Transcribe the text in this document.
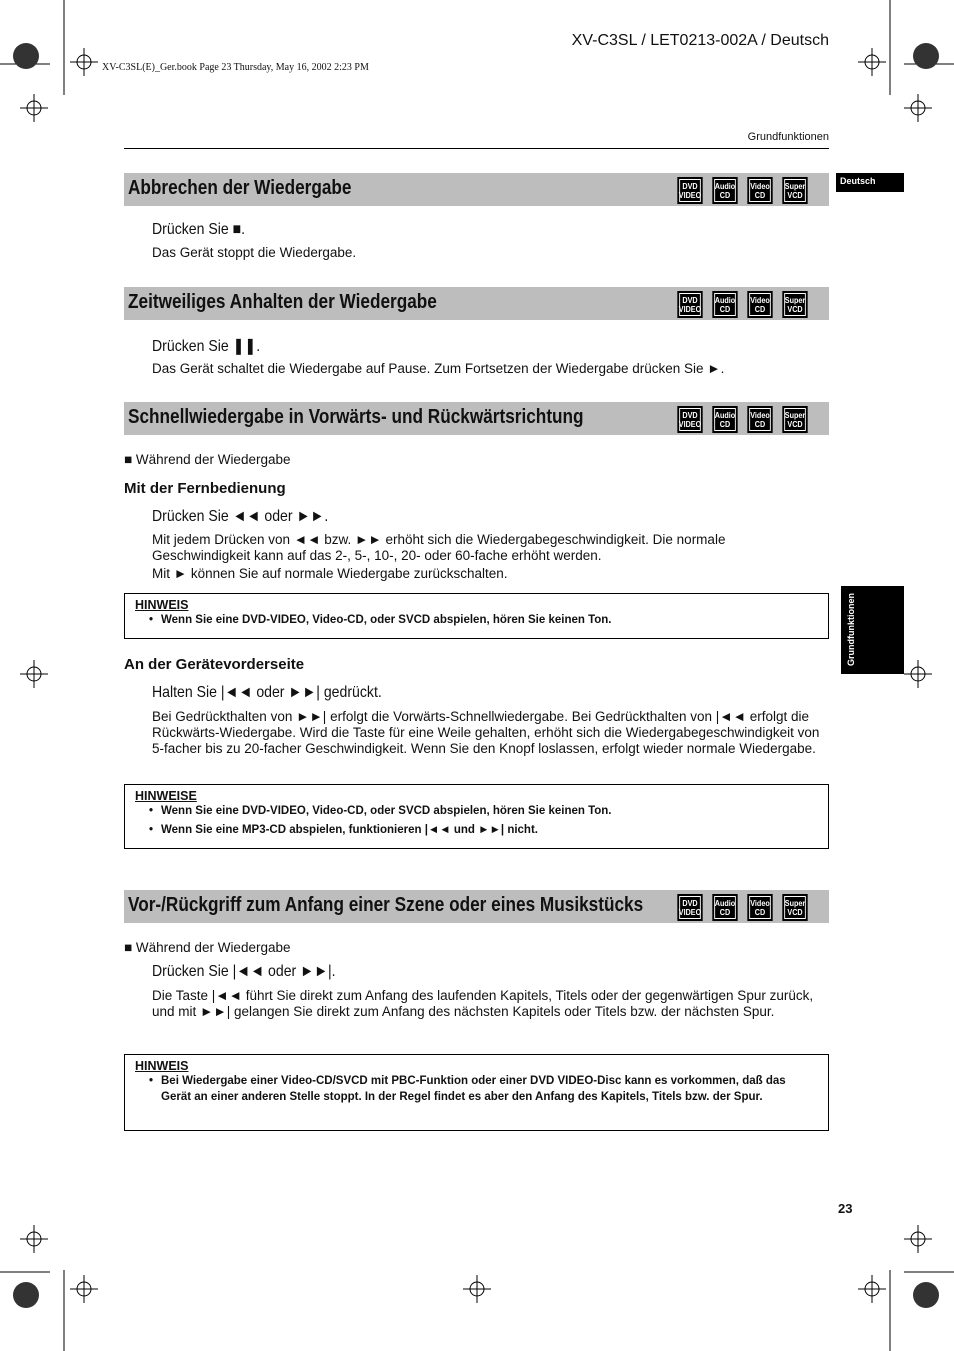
XV-C3SL / LET0213-002A / Deutsch
XV-C3SL(E)_Ger.book Page 23 Thursday, May 16, 2002 2:23 PM
Grundfunktionen
Deutsch
Grundfunktionen
Abbrechen der Wiedergabe	DVD
VIDEO
Audio
CD
Video
CD
Super
VCD
Drücken Sie ■.
Das Gerät stoppt die Wiedergabe.
Zeitweiliges Anhalten der Wiedergabe	DVD
VIDEO
Audio
CD
Video
CD
Super
VCD
Drücken Sie ❚❚.
Das Gerät schaltet die Wiedergabe auf Pause. Zum Fortsetzen der Wiedergabe drücken Sie ►.
Schnellwiedergabe in Vorwärts- und Rückwärtsrichtung	DVD
VIDEO
Audio
CD
Video
CD
Super
VCD
■ Während der Wiedergabe
Mit der Fernbedienung
Drücken Sie ◄◄ oder ►►.
Mit jedem Drücken von ◄◄ bzw. ►► erhöht sich die Wiedergabegeschwindigkeit. Die normale Geschwindigkeit kann auf das 2-, 5-, 10-, 20- oder 60-fache erhöht werden.
Mit ► können Sie auf normale Wiedergabe zurückschalten.
HINWEIS
• Wenn Sie eine DVD-VIDEO, Video-CD, oder SVCD abspielen, hören Sie keinen Ton.
An der Gerätevorderseite
Halten Sie |◄◄ oder ►►| gedrückt.
Bei Gedrückthalten von ►►| erfolgt die Vorwärts-Schnellwiedergabe. Bei Gedrückthalten von |◄◄ erfolgt die Rückwärts-Wiedergabe. Wird die Taste für eine Weile gehalten, erhöht sich die Wiedergabegeschwindigkeit von 5-facher bis zu 20-facher Geschwindigkeit. Wenn Sie den Knopf loslassen, erfolgt wieder normale Wiedergabe.
HINWEISE
• Wenn Sie eine DVD-VIDEO, Video-CD, oder SVCD abspielen, hören Sie keinen Ton.
• Wenn Sie eine MP3-CD abspielen, funktionieren |◄◄ und ►►| nicht.
Vor-/Rückgriff zum Anfang einer Szene oder eines Musikstücks	DVD
VIDEO
Audio
CD
Video
CD
Super
VCD
■ Während der Wiedergabe
Drücken Sie |◄◄ oder ►►|.
Die Taste |◄◄ führt Sie direkt zum Anfang des laufenden Kapitels, Titels oder der gegenwärtigen Spur zurück, und mit ►►| gelangen Sie direkt zum Anfang des nächsten Kapitels oder Titels bzw. der nächsten Spur.
HINWEIS
• Bei Wiedergabe einer Video-CD/SVCD mit PBC-Funktion oder einer DVD VIDEO-Disc kann es vorkommen, daß das Gerät an einer anderen Stelle stoppt. In der Regel findet es aber den Anfang des Kapitels, Titels bzw. der Spur.
23
